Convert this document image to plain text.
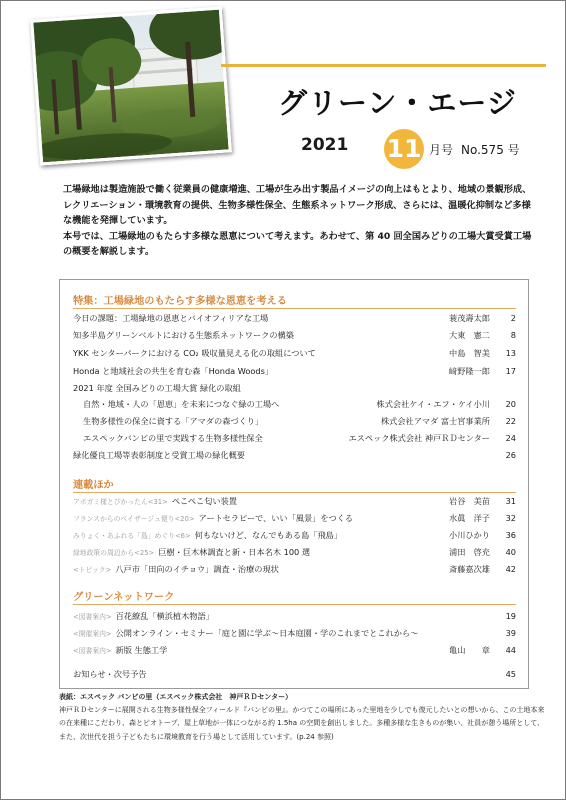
グリーン・エージ
2021 11 月号 No.575 号

工場緑地は製造施設で働く従業員の健康増進、工場が生み出す製品イメージの向上はもとより、地域の景観形成、レクリエーション・環境教育の提供、生物多様性保全、生態系ネットワーク形成、さらには、温暖化抑制など多様な機能を発揮しています。

本号では、工場緑地のもたらす多様な恩恵について考えます。あわせて、第 40 回全国みどりの工場大賞受賞工場の概要を解説します。

特集：工場緑地のもたらす多様な恩恵を考える
今日の課題：工場緑地の恩恵とバイオフィリアな工場	蓑茂壽太郎	2
知多半島グリーンベルトにおける生態系ネットワークの構築	大東　憲二	8
YKK センターパークにおける CO₂ 吸収量見える化の取組について	中島　智美	13
Honda と地域社会の共生を育む森「Honda Woods」	﨑野隆一郎	17
2021 年度 全国みどりの工場大賞 緑化の取組
自然・地域・人の「恩恵」を未来につなぐ緑の工場へ	株式会社ケイ・エフ・ケイ小川	20
生物多様性の保全に資する「アマダの森づくり」	株式会社アマダ 富士宮事業所	22
エスペックバンビの里で実践する生物多様性保全	エスペック株式会社 神戸ＲＤセンター	24
緑化優良工場等表彰制度と受賞工場の緑化概要	26
連載ほか
アボガミ様とぴかったん<31> ぺこぺこ匂い装置	岩谷　美苗	31
フランスからのベイザージュ便り<20> アートセラピーで、いい「風景」をつくる	水眞　洋子	32
みりょく・あふれる「島」めぐり<6> 何もないけど、なんでもある島「飛島」	小川ひかり	36
緑地政策の周辺から<25> 巨樹・巨木林調査と新・日本名木 100 選	浦田　啓充	40
<トピック> 八戸市「田向のイチョウ」調査・治療の現状	斎藤嘉次雄	42
グリーンネットワーク
<図書案内> 百花繚乱「横浜植木物語」	19
<開催案内> 公開オンライン・セミナー「庭と園に学ぶ～日本庭園・学のこれまでとこれから～	39
<図書案内> 新版 生態工学	亀山　　章	44
お知らせ・次号予告	45

表紙：エスペック バンビの里（エスペック株式会社　神戸ＲＤセンター）

神戸ＲＤセンターに展開される生物多様性保全フィールド『バンビの里』。かつてこの場所にあった里地を少しでも復元したいとの想いから、この土地本来の在来種にこだわり、森とビオトープ、屋上草地が一体につながる約 1.5ha の空間を創出しました。多種多様な生きものが集い、社員が憩う場所として、また、次世代を担う子どもたちに環境教育を行う場として活用しています。(p.24 参照)
